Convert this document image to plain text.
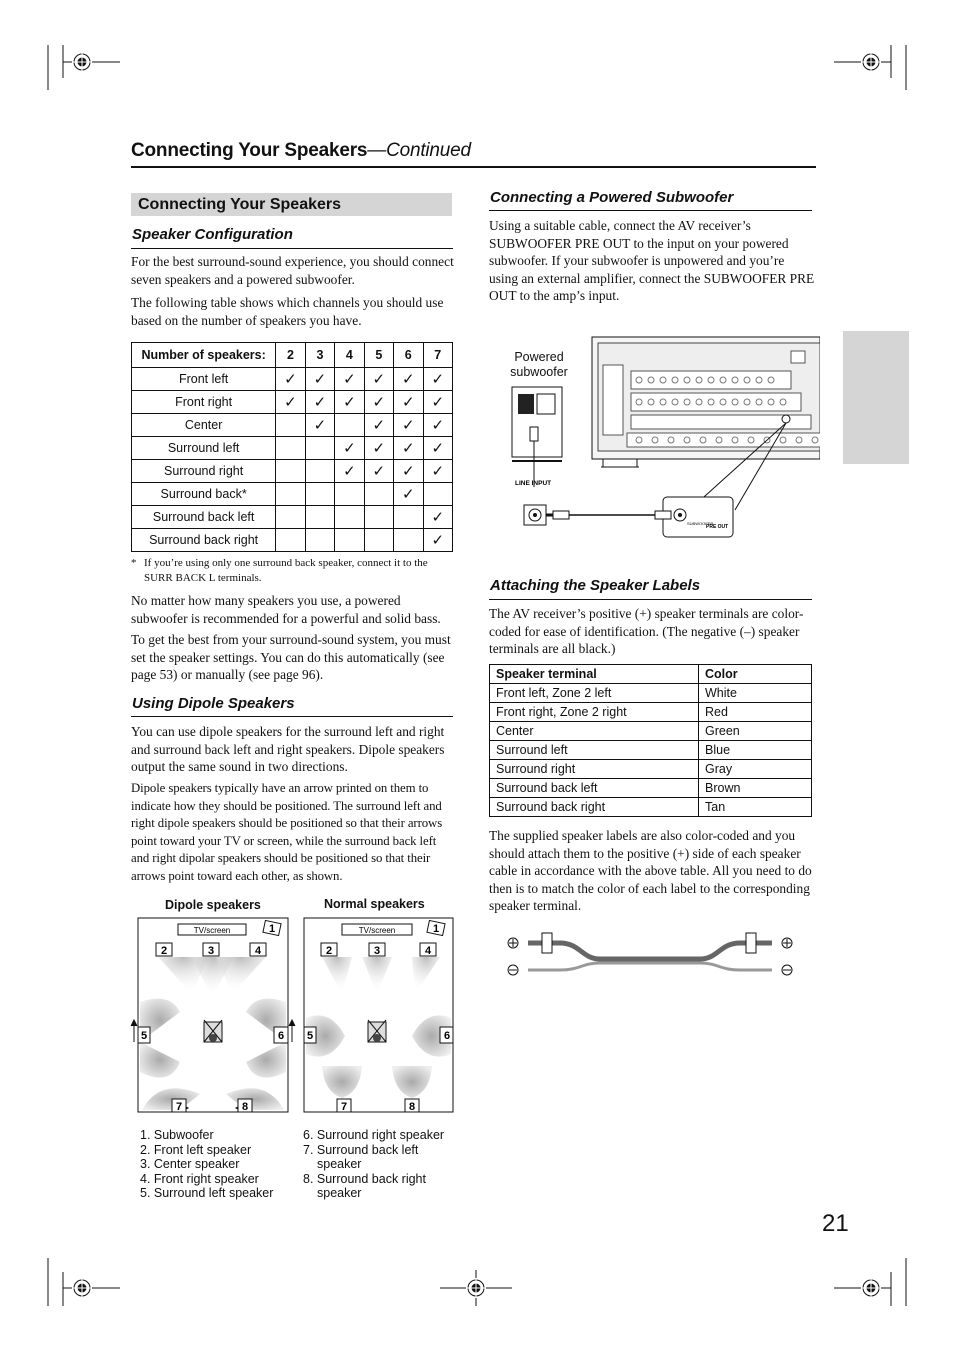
Connecting Your Speakers—Continued
Connecting Your Speakers
Speaker Configuration
For the best surround-sound experience, you should connect seven speakers and a powered subwoofer.
The following table shows which channels you should use based on the number of speakers you have.
Number of speakers:	2	3	4	5	6	7
Front left	✓	✓	✓	✓	✓	✓
Front right	✓	✓	✓	✓	✓	✓
Center		✓		✓	✓	✓
Surround left			✓	✓	✓	✓
Surround right			✓	✓	✓	✓
Surround back*					✓	
Surround back left						✓
Surround back right						✓
* If you’re using only one surround back speaker, connect it to the SURR BACK L terminals.
No matter how many speakers you use, a powered subwoofer is recommended for a powerful and solid bass.
To get the best from your surround-sound system, you must set the speaker settings. You can do this automatically (see page 53) or manually (see page 96).
Using Dipole Speakers
You can use dipole speakers for the surround left and right and surround back left and right speakers. Dipole speakers output the same sound in two directions.
Dipole speakers typically have an arrow printed on them to indicate how they should be positioned. The surround left and right dipole speakers should be positioned so that their arrows point toward your TV or screen, while the surround back left and right dipolar speakers should be positioned so that their arrows point toward each other, as shown.
Dipole speakers	Normal speakers
TV/screen	TV/screen
1
2	3	4
5	6
7	8
1
2	3	4
5	6
7	8
1. Subwoofer
2. Front left speaker
3. Center speaker
4. Front right speaker
5. Surround left speaker
6. Surround right speaker
7. Surround back left
speaker
8. Surround back right
speaker
Connecting a Powered Subwoofer
Using a suitable cable, connect the AV receiver’s SUBWOOFER PRE OUT to the input on your powered subwoofer. If your subwoofer is unpowered and you’re using an external amplifier, connect the SUBWOOFER PRE OUT to the amp’s input.
Powered
subwoofer
LINE INPUT
SUBWOOFER
PRE OUT
Attaching the Speaker Labels
The AV receiver’s positive (+) speaker terminals are color-coded for ease of identification. (The negative (–) speaker terminals are all black.)
Speaker terminal	Color
Front left, Zone 2 left	White
Front right, Zone 2 right	Red
Center	Green
Surround left	Blue
Surround right	Gray
Surround back left	Brown
Surround back right	Tan
The supplied speaker labels are also color-coded and you should attach them to the positive (+) side of each speaker cable in accordance with the above table. All you need to do then is to match the color of each label to the corresponding speaker terminal.
21
